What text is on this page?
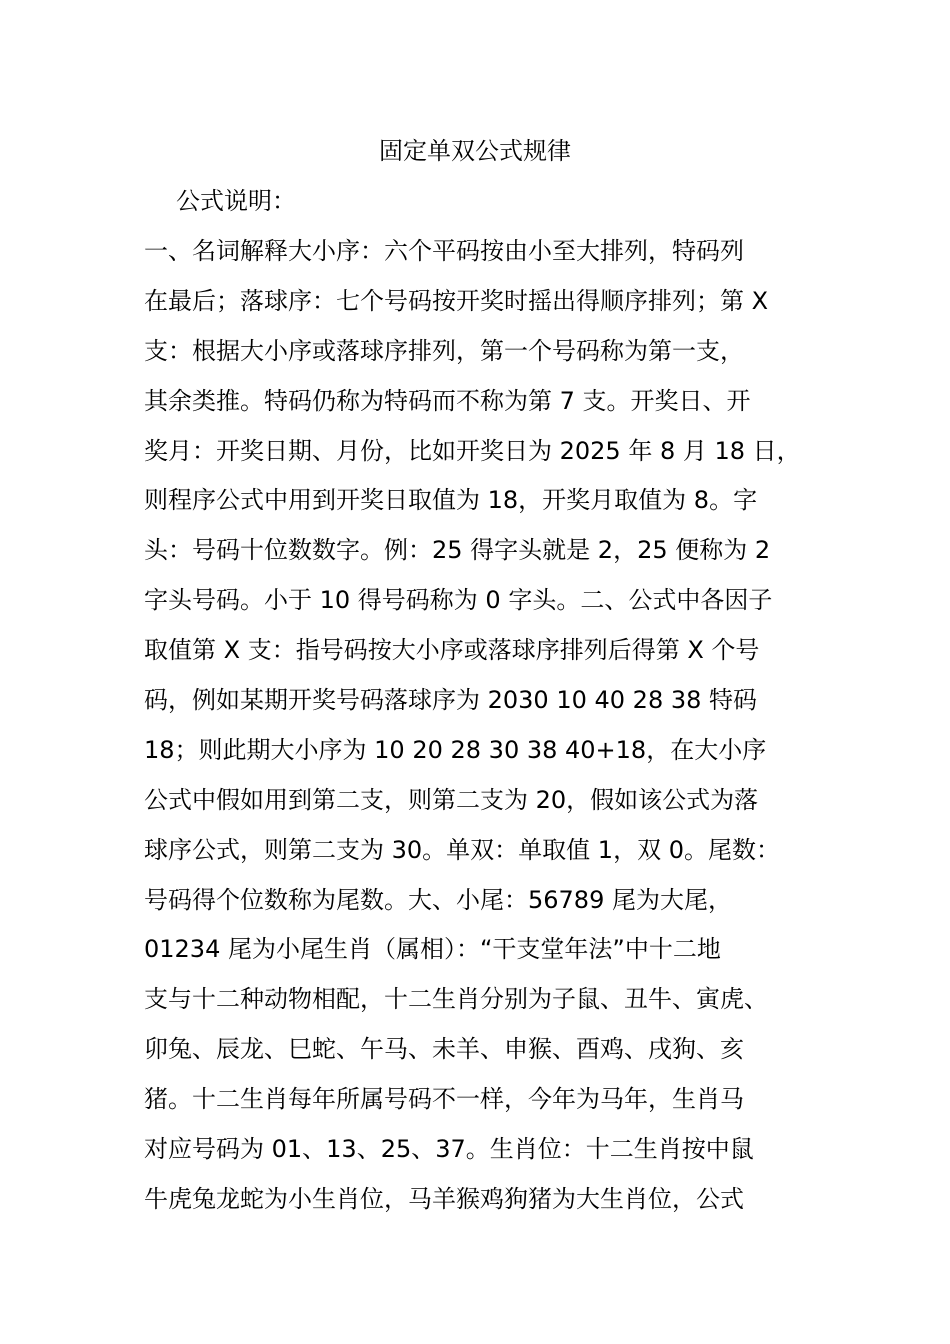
固定单双公式规律
公式说明：
一、名词解释大小序：六个平码按由小至大排列，特码列
在最后；落球序：七个号码按开奖时摇出得顺序排列；第 X
支：根据大小序或落球序排列，第一个号码称为第一支，
其余类推。特码仍称为特码而不称为第 7 支。开奖日、开
奖月：开奖日期、月份，比如开奖日为 2025 年 8 月 18 日，
则程序公式中用到开奖日取值为 18，开奖月取值为 8。字
头：号码十位数数字。例：25 得字头就是 2，25 便称为 2
字头号码。小于 10 得号码称为 0 字头。二、公式中各因子
取值第 X 支：指号码按大小序或落球序排列后得第 X 个号
码，例如某期开奖号码落球序为 2030 10 40 28 38 特码
18；则此期大小序为 10 20 28 30 38 40+18，在大小序
公式中假如用到第二支，则第二支为 20，假如该公式为落
球序公式，则第二支为 30。单双：单取值 1，双 0。尾数：
号码得个位数称为尾数。大、小尾：56789 尾为大尾，
01234 尾为小尾生肖（属相）：“干支堂年法”中十二地
支与十二种动物相配，十二生肖分别为子鼠、丑牛、寅虎、
卯兔、辰龙、巳蛇、午马、未羊、申猴、酉鸡、戌狗、亥
猪。十二生肖每年所属号码不一样，今年为马年，生肖马
对应号码为 01、13、25、37。生肖位：十二生肖按中鼠
牛虎兔龙蛇为小生肖位，马羊猴鸡狗猪为大生肖位，公式
